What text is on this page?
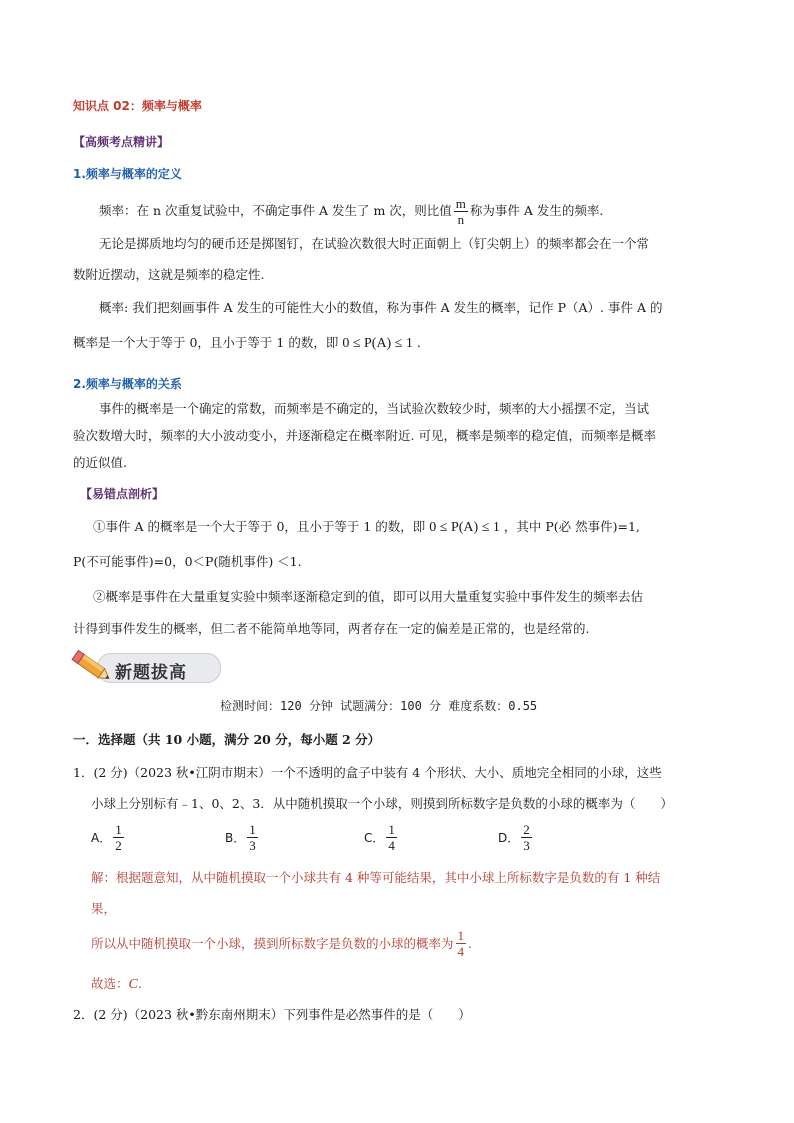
知识点 02：频率与概率
【高频考点精讲】
1.频率与概率的定义
频率：在 n 次重复试验中，不确定事件 A 发生了 m 次，则比值 $\frac{m}{n}$ 称为事件 A 发生的频率.
无论是掷质地均匀的硬币还是掷图钉，在试验次数很大时正面朝上（钉尖朝上）的频率都会在一个常
数附近摆动，这就是频率的稳定性.
概率: 我们把刻画事件 A 发生的可能性大小的数值，称为事件 A 发生的概率，记作 P（A）. 事件 A 的
概率是一个大于等于 0，且小于等于 1 的数，即 0 ≤ P(A) ≤ 1 .
2.频率与概率的关系
事件的概率是一个确定的常数，而频率是不确定的，当试验次数较少时，频率的大小摇摆不定，当试
验次数增大时，频率的大小波动变小，并逐渐稳定在概率附近. 可见，概率是频率的稳定值，而频率是概率
的近似值.
【易错点剖析】
①事件 A 的概率是一个大于等于 0，且小于等于 1 的数，即 0 ≤ P(A) ≤ 1 ，其中 P(必 然事件)=1,
P(不可能事件)=0，0＜P(随机事件) ＜1.
②概率是事件在大量重复实验中频率逐渐稳定到的值，即可以用大量重复实验中事件发生的频率去估
计得到事件发生的概率，但二者不能简单地等同，两者存在一定的偏差是正常的，也是经常的.
新题拔高
检测时间：120 分钟 试题满分：100 分 难度系数：0.55
一．选择题（共 10 小题，满分 20 分，每小题 2 分）
1．(2 分)（2023 秋•江阴市期末）一个不透明的盒子中装有 4 个形状、大小、质地完全相同的小球，这些
小球上分别标有﹣1、0、2、3．从中随机摸取一个小球，则摸到所标数字是负数的小球的概率为（　　）
A． $\frac{1}{2}$	B． $\frac{1}{3}$	C． $\frac{1}{4}$	D． $\frac{2}{3}$
解：根据题意知，从中随机摸取一个小球共有 4 种等可能结果，其中小球上所标数字是负数的有 1 种结
果，
所以从中随机摸取一个小球，摸到所标数字是负数的小球的概率为 $\frac{1}{4}$ .
故选：C.
2．(2 分)（2023 秋•黔东南州期末）下列事件是必然事件的是（　　）
